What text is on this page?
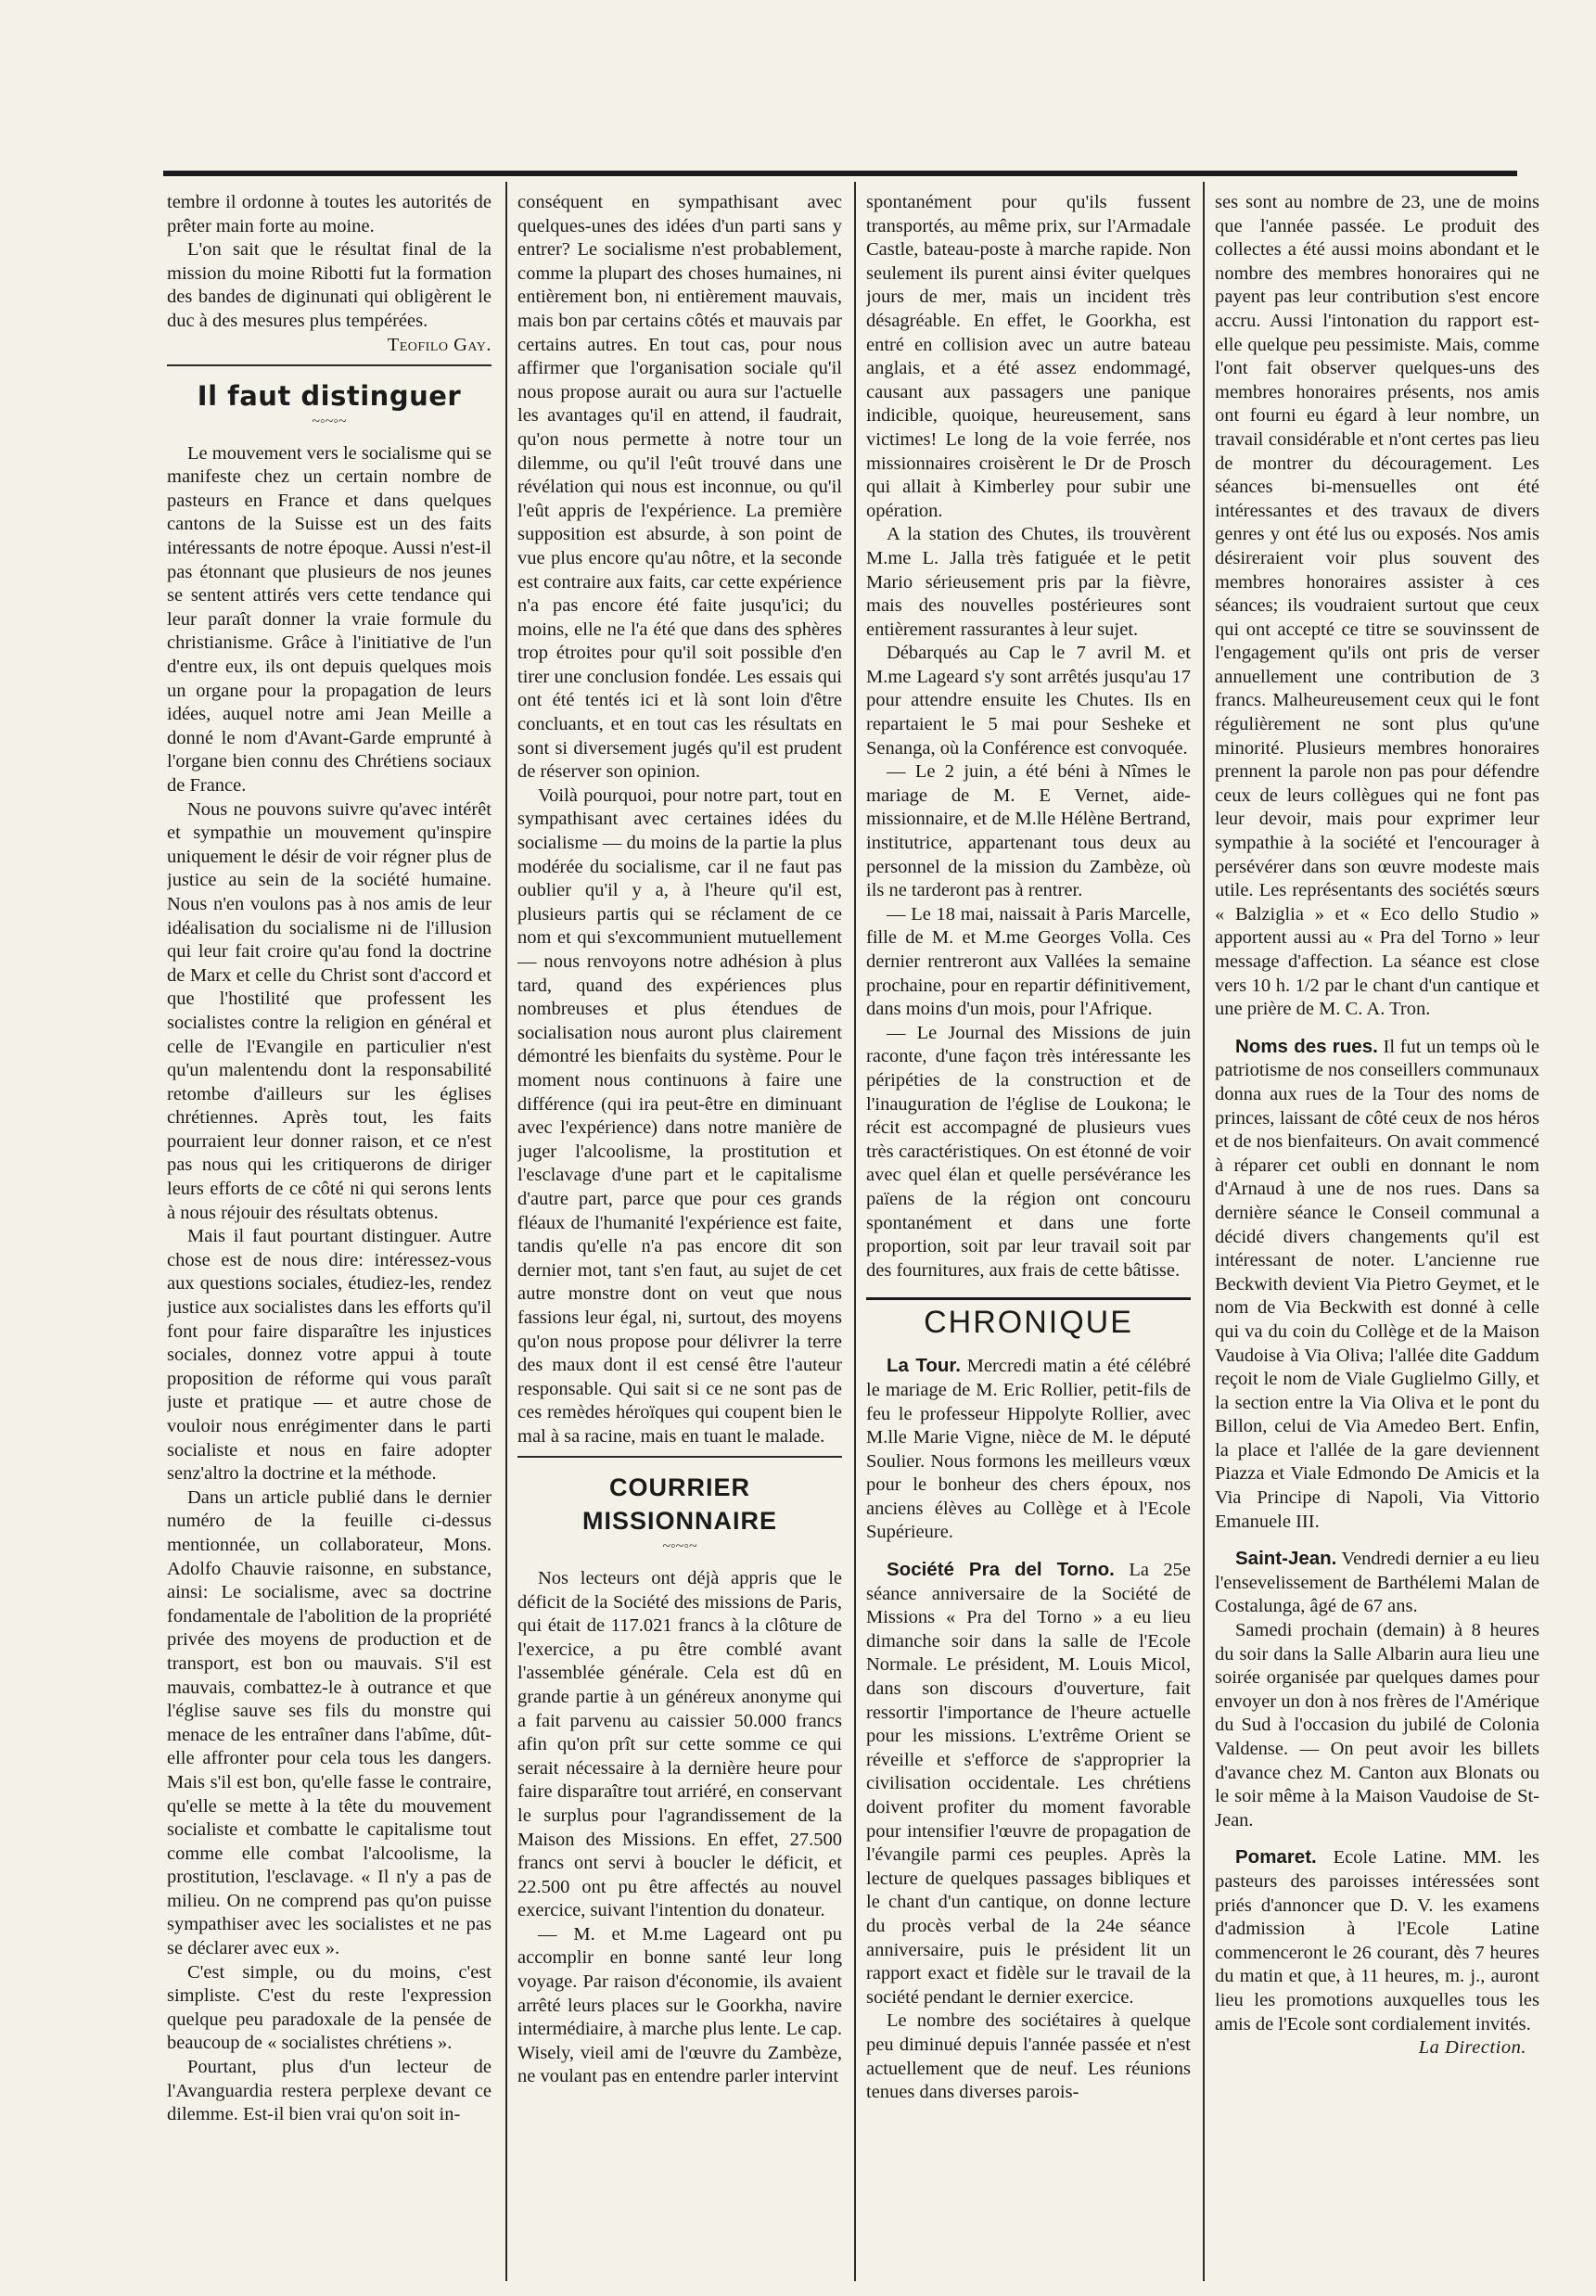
tembre il ordonne à toutes les autorités de prêter main forte au moine.

L'on sait que le résultat final de la mission du moine Ribotti fut la formation des bandes de diginunati qui obligèrent le duc à des mesures plus tempérées.

Teofilo Gay.
Il faut distinguer
~◦~◦~

Le mouvement vers le socialisme qui se manifeste chez un certain nombre de pasteurs en France et dans quelques cantons de la Suisse est un des faits intéressants de notre époque. Aussi n'est-il pas étonnant que plusieurs de nos jeunes se sentent attirés vers cette tendance qui leur paraît donner la vraie formule du christianisme. Grâce à l'initiative de l'un d'entre eux, ils ont depuis quelques mois un organe pour la propagation de leurs idées, auquel notre ami Jean Meille a donné le nom d'Avant-Garde emprunté à l'organe bien connu des Chrétiens sociaux de France.

Nous ne pouvons suivre qu'avec intérêt et sympathie un mouvement qu'inspire uniquement le désir de voir régner plus de justice au sein de la société humaine. Nous n'en voulons pas à nos amis de leur idéalisation du socialisme ni de l'illusion qui leur fait croire qu'au fond la doctrine de Marx et celle du Christ sont d'accord et que l'hostilité que professent les socialistes contre la religion en général et celle de l'Evangile en particulier n'est qu'un malentendu dont la responsabilité retombe d'ailleurs sur les églises chrétiennes. Après tout, les faits pourraient leur donner raison, et ce n'est pas nous qui les critiquerons de diriger leurs efforts de ce côté ni qui serons lents à nous réjouir des résultats obtenus.

Mais il faut pourtant distinguer. Autre chose est de nous dire: intéressez-vous aux questions sociales, étudiez-les, rendez justice aux socialistes dans les efforts qu'il font pour faire disparaître les injustices sociales, donnez votre appui à toute proposition de réforme qui vous paraît juste et pratique — et autre chose de vouloir nous enrégimenter dans le parti socialiste et nous en faire adopter senz'altro la doctrine et la méthode.

Dans un article publié dans le dernier numéro de la feuille ci-dessus mentionnée, un collaborateur, Mons. Adolfo Chauvie raisonne, en substance, ainsi: Le socialisme, avec sa doctrine fondamentale de l'abolition de la propriété privée des moyens de production et de transport, est bon ou mauvais. S'il est mauvais, combattez-le à outrance et que l'église sauve ses fils du monstre qui menace de les entraîner dans l'abîme, dût-elle affronter pour cela tous les dangers. Mais s'il est bon, qu'elle fasse le contraire, qu'elle se mette à la tête du mouvement socialiste et combatte le capitalisme tout comme elle combat l'alcoolisme, la prostitution, l'esclavage. « Il n'y a pas de milieu. On ne comprend pas qu'on puisse sympathiser avec les socialistes et ne pas se déclarer avec eux ».

C'est simple, ou du moins, c'est simpliste. C'est du reste l'expression quelque peu paradoxale de la pensée de beaucoup de « socialistes chrétiens ».

Pourtant, plus d'un lecteur de l'Avanguardia restera perplexe devant ce dilemme. Est-il bien vrai qu'on soit in-

conséquent en sympathisant avec quelques-unes des idées d'un parti sans y entrer? Le socialisme n'est probablement, comme la plupart des choses humaines, ni entièrement bon, ni entièrement mauvais, mais bon par certains côtés et mauvais par certains autres. En tout cas, pour nous affirmer que l'organisation sociale qu'il nous propose aurait ou aura sur l'actuelle les avantages qu'il en attend, il faudrait, qu'on nous permette à notre tour un dilemme, ou qu'il l'eût trouvé dans une révélation qui nous est inconnue, ou qu'il l'eût appris de l'expérience. La première supposition est absurde, à son point de vue plus encore qu'au nôtre, et la seconde est contraire aux faits, car cette expérience n'a pas encore été faite jusqu'ici; du moins, elle ne l'a été que dans des sphères trop étroites pour qu'il soit possible d'en tirer une conclusion fondée. Les essais qui ont été tentés ici et là sont loin d'être concluants, et en tout cas les résultats en sont si diversement jugés qu'il est prudent de réserver son opinion.

Voilà pourquoi, pour notre part, tout en sympathisant avec certaines idées du socialisme — du moins de la partie la plus modérée du socialisme, car il ne faut pas oublier qu'il y a, à l'heure qu'il est, plusieurs partis qui se réclament de ce nom et qui s'excommunient mutuellement — nous renvoyons notre adhésion à plus tard, quand des expériences plus nombreuses et plus étendues de socialisation nous auront plus clairement démontré les bienfaits du système. Pour le moment nous continuons à faire une différence (qui ira peut-être en diminuant avec l'expérience) dans notre manière de juger l'alcoolisme, la prostitution et l'esclavage d'une part et le capitalisme d'autre part, parce que pour ces grands fléaux de l'humanité l'expérience est faite, tandis qu'elle n'a pas encore dit son dernier mot, tant s'en faut, au sujet de cet autre monstre dont on veut que nous fassions leur égal, ni, surtout, des moyens qu'on nous propose pour délivrer la terre des maux dont il est censé être l'auteur responsable. Qui sait si ce ne sont pas de ces remèdes héroïques qui coupent bien le mal à sa racine, mais en tuant le malade.

COURRIER MISSIONNAIRE
~◦~◦~

Nos lecteurs ont déjà appris que le déficit de la Société des missions de Paris, qui était de 117.021 francs à la clôture de l'exercice, a pu être comblé avant l'assemblée générale. Cela est dû en grande partie à un généreux anonyme qui a fait parvenu au caissier 50.000 francs afin qu'on prît sur cette somme ce qui serait nécessaire à la dernière heure pour faire disparaître tout arriéré, en conservant le surplus pour l'agrandissement de la Maison des Missions. En effet, 27.500 francs ont servi à boucler le déficit, et 22.500 ont pu être affectés au nouvel exercice, suivant l'intention du donateur.

— M. et M.me Lageard ont pu accomplir en bonne santé leur long voyage. Par raison d'économie, ils avaient arrêté leurs places sur le Goorkha, navire intermédiaire, à marche plus lente. Le cap. Wisely, vieil ami de l'œuvre du Zambèze, ne voulant pas en entendre parler intervint

spontanément pour qu'ils fussent transportés, au même prix, sur l'Armadale Castle, bateau-poste à marche rapide. Non seulement ils purent ainsi éviter quelques jours de mer, mais un incident très désagréable. En effet, le Goorkha, est entré en collision avec un autre bateau anglais, et a été assez endommagé, causant aux passagers une panique indicible, quoique, heureusement, sans victimes! Le long de la voie ferrée, nos missionnaires croisèrent le Dr de Prosch qui allait à Kimberley pour subir une opération.

A la station des Chutes, ils trouvèrent M.me L. Jalla très fatiguée et le petit Mario sérieusement pris par la fièvre, mais des nouvelles postérieures sont entièrement rassurantes à leur sujet.

Débarqués au Cap le 7 avril M. et M.me Lageard s'y sont arrêtés jusqu'au 17 pour attendre ensuite les Chutes. Ils en repartaient le 5 mai pour Sesheke et Senanga, où la Conférence est convoquée.

— Le 2 juin, a été béni à Nîmes le mariage de M. E Vernet, aide-missionnaire, et de M.lle Hélène Bertrand, institutrice, appartenant tous deux au personnel de la mission du Zambèze, où ils ne tarderont pas à rentrer.

— Le 18 mai, naissait à Paris Marcelle, fille de M. et M.me Georges Volla. Ces dernier rentreront aux Vallées la semaine prochaine, pour en repartir définitivement, dans moins d'un mois, pour l'Afrique.

— Le Journal des Missions de juin raconte, d'une façon très intéressante les péripéties de la construction et de l'inauguration de l'église de Loukona; le récit est accompagné de plusieurs vues très caractéristiques. On est étonné de voir avec quel élan et quelle persévérance les païens de la région ont concouru spontanément et dans une forte proportion, soit par leur travail soit par des fournitures, aux frais de cette bâtisse.

CHRONIQUE

La Tour. Mercredi matin a été célébré le mariage de M. Eric Rollier, petit-fils de feu le professeur Hippolyte Rollier, avec M.lle Marie Vigne, nièce de M. le député Soulier. Nous formons les meilleurs vœux pour le bonheur des chers époux, nos anciens élèves au Collège et à l'Ecole Supérieure.

Société Pra del Torno. La 25e séance anniversaire de la Société de Missions « Pra del Torno » a eu lieu dimanche soir dans la salle de l'Ecole Normale. Le président, M. Louis Micol, dans son discours d'ouverture, fait ressortir l'importance de l'heure actuelle pour les missions. L'extrême Orient se réveille et s'efforce de s'approprier la civilisation occidentale. Les chrétiens doivent profiter du moment favorable pour intensifier l'œuvre de propagation de l'évangile parmi ces peuples. Après la lecture de quelques passages bibliques et le chant d'un cantique, on donne lecture du procès verbal de la 24e séance anniversaire, puis le président lit un rapport exact et fidèle sur le travail de la société pendant le dernier exercice.

Le nombre des sociétaires à quelque peu diminué depuis l'année passée et n'est actuellement que de neuf. Les réunions tenues dans diverses parois-

ses sont au nombre de 23, une de moins que l'année passée. Le produit des collectes a été aussi moins abondant et le nombre des membres honoraires qui ne payent pas leur contribution s'est encore accru. Aussi l'intonation du rapport est-elle quelque peu pessimiste. Mais, comme l'ont fait observer quelques-uns des membres honoraires présents, nos amis ont fourni eu égard à leur nombre, un travail considérable et n'ont certes pas lieu de montrer du découragement. Les séances bi-mensuelles ont été intéressantes et des travaux de divers genres y ont été lus ou exposés. Nos amis désireraient voir plus souvent des membres honoraires assister à ces séances; ils voudraient surtout que ceux qui ont accepté ce titre se souvinssent de l'engagement qu'ils ont pris de verser annuellement une contribution de 3 francs. Malheureusement ceux qui le font régulièrement ne sont plus qu'une minorité. Plusieurs membres honoraires prennent la parole non pas pour défendre ceux de leurs collègues qui ne font pas leur devoir, mais pour exprimer leur sympathie à la société et l'encourager à persévérer dans son œuvre modeste mais utile. Les représentants des sociétés sœurs « Balziglia » et « Eco dello Studio » apportent aussi au « Pra del Torno » leur message d'affection. La séance est close vers 10 h. 1/2 par le chant d'un cantique et une prière de M. C. A. Tron.

Noms des rues. Il fut un temps où le patriotisme de nos conseillers communaux donna aux rues de la Tour des noms de princes, laissant de côté ceux de nos héros et de nos bienfaiteurs. On avait commencé à réparer cet oubli en donnant le nom d'Arnaud à une de nos rues. Dans sa dernière séance le Conseil communal a décidé divers changements qu'il est intéressant de noter. L'ancienne rue Beckwith devient Via Pietro Geymet, et le nom de Via Beckwith est donné à celle qui va du coin du Collège et de la Maison Vaudoise à Via Oliva; l'allée dite Gaddum reçoit le nom de Viale Guglielmo Gilly, et la section entre la Via Oliva et le pont du Billon, celui de Via Amedeo Bert. Enfin, la place et l'allée de la gare deviennent Piazza et Viale Edmondo De Amicis et la Via Principe di Napoli, Via Vittorio Emanuele III.

Saint-Jean. Vendredi dernier a eu lieu l'ensevelissement de Barthélemi Malan de Costalunga, âgé de 67 ans.

Samedi prochain (demain) à 8 heures du soir dans la Salle Albarin aura lieu une soirée organisée par quelques dames pour envoyer un don à nos frères de l'Amérique du Sud à l'occasion du jubilé de Colonia Valdense. — On peut avoir les billets d'avance chez M. Canton aux Blonats ou le soir même à la Maison Vaudoise de St-Jean.

Pomaret. Ecole Latine. MM. les pasteurs des paroisses intéressées sont priés d'annoncer que D. V. les examens d'admission à l'Ecole Latine commenceront le 26 courant, dès 7 heures du matin et que, à 11 heures, m. j., auront lieu les promotions auxquelles tous les amis de l'Ecole sont cordialement invités.

La Direction.
